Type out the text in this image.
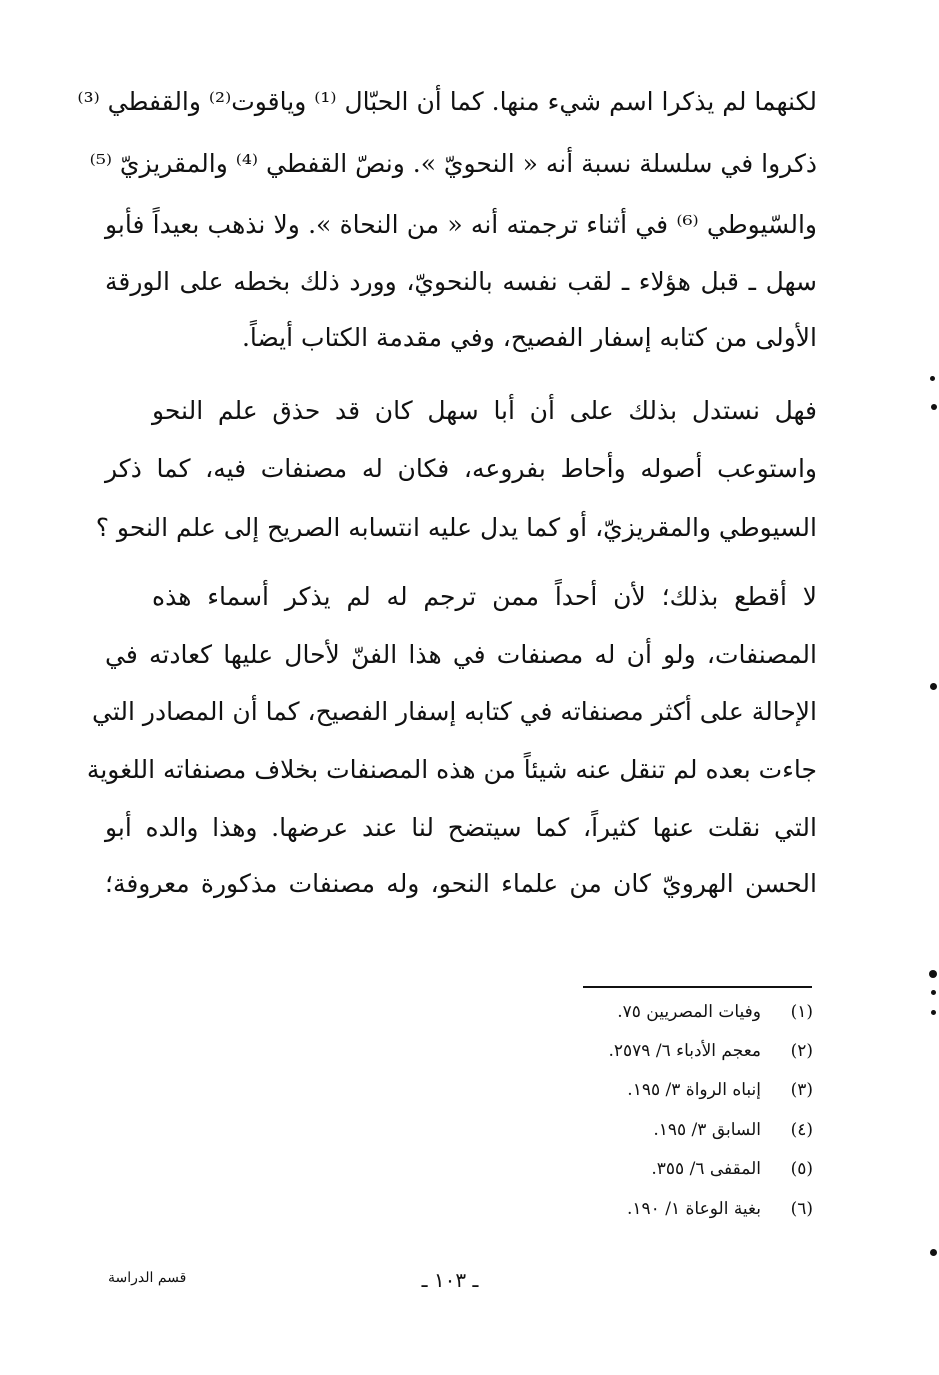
لكنهما لم يذكرا اسم شيء منها. كما أن الحبّال ⁽¹⁾ وياقوت⁽²⁾ والقفطي ⁽³⁾
ذكروا في سلسلة نسبة أنه « النحويّ ». ونصّ القفطي ⁽⁴⁾ والمقريزيّ ⁽⁵⁾
والسّيوطي ⁽⁶⁾ في أثناء ترجمته أنه « من النحاة ». ولا نذهب بعيداً فأبو
سهل ـ قبل هؤلاء ـ لقب نفسه بالنحويّ، وورد ذلك بخطه على الورقة
الأولى من كتابه إسفار الفصيح، وفي مقدمة الكتاب أيضاً.
فهل نستدل بذلك على أن أبا سهل كان قد حذق علم النحو
واستوعب أصوله وأحاط بفروعه، فكان له مصنفات فيه، كما ذكر
السيوطي والمقريزيّ، أو كما يدل عليه انتسابه الصريح إلى علم النحو ؟
لا أقطع بذلك؛ لأن أحداً ممن ترجم له لم يذكر أسماء هذه
المصنفات، ولو أن له مصنفات في هذا الفنّ لأحال عليها كعادته في
الإحالة على أكثر مصنفاته في كتابه إسفار الفصيح، كما أن المصادر التي
جاءت بعده لم تنقل عنه شيئاً من هذه المصنفات بخلاف مصنفاته اللغوية
التي نقلت عنها كثيراً، كما سيتضح لنا عند عرضها. وهذا والده أبو
الحسن الهرويّ كان من علماء النحو، وله مصنفات مذكورة معروفة؛
(١)وفيات المصريين ٧٥.
(٢)معجم الأدباء ٦/ ٢٥٧٩.
(٣)إنباه الرواة ٣/ ١٩٥.
(٤)السابق ٣/ ١٩٥.
(٥)المقفى ٦/ ٣٥٥.
(٦)بغية الوعاة ١/ ١٩٠.
ـ ١٠٣ ـ
قسم الدراسة
